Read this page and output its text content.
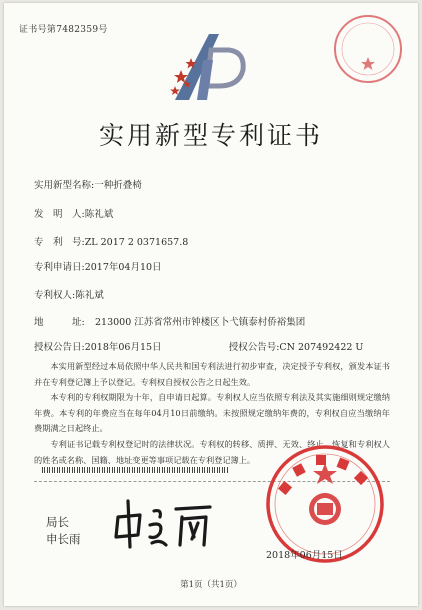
证书号第7482359号
实用新型专利证书
实用新型名称:一种折叠椅
发　明　人:陈礼斌
专　利　号:ZL 2017 2 0371657.8
专利申请日:2017年04月10日
专利权人:陈礼斌
地　　　址: 213000 江苏省常州市钟楼区卜弋镇泰村侨裕集团
授权公告日:2018年06月15日	授权公告号:CN 207492422 U

本实用新型经过本局依照中华人民共和国专利法进行初步审查，决定授予专利权，颁发本证书并在专利登记簿上予以登记。专利权自授权公告之日起生效。

本专利的专利权期限为十年，自申请日起算。专利权人应当依照专利法及其实施细则规定缴纳年费。本专利的年费应当在每年04月10日前缴纳。未按照规定缴纳年费的，专利权自应当缴纳年费期满之日起终止。

专利证书记载专利权登记时的法律状况。专利权的转移、质押、无效、终止、恢复和专利权人的姓名或名称、国籍、地址变更等事项记载在专利登记簿上。

局长
申长雨
2018年06月15日
第1页（共1页）
